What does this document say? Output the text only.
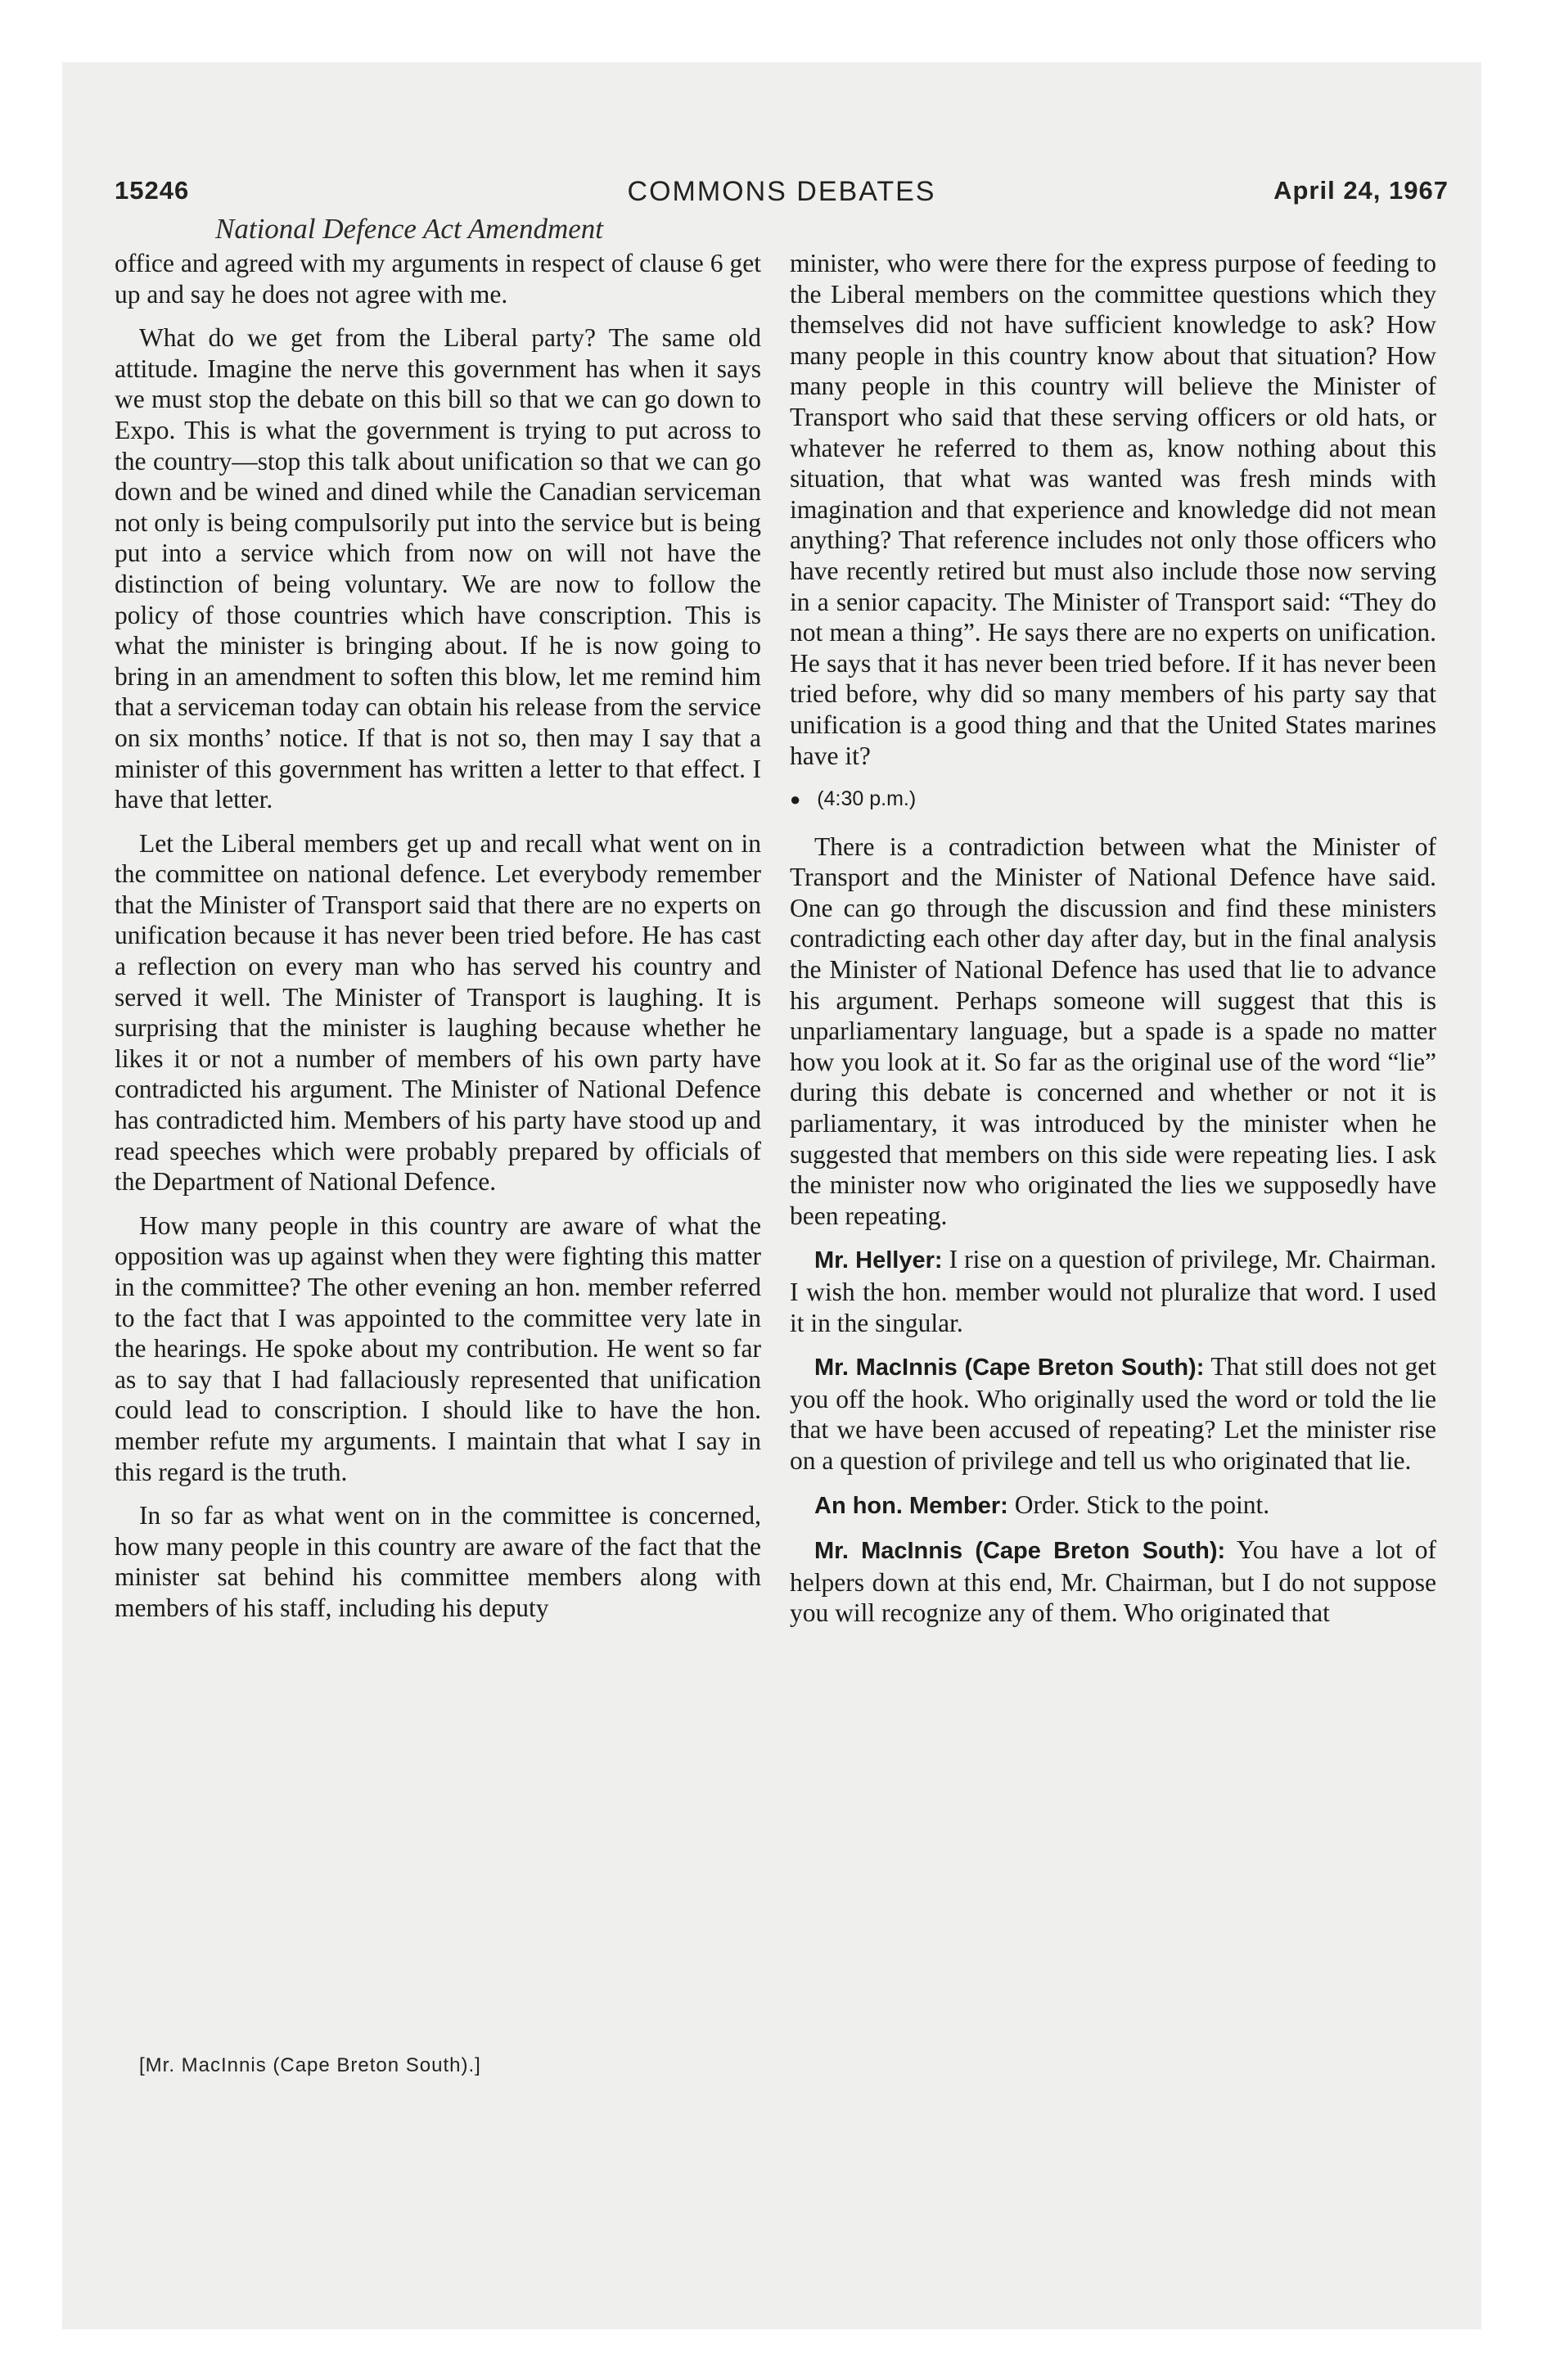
15246	COMMONS DEBATES	April 24, 1967
National Defence Act Amendment

office and agreed with my arguments in respect of clause 6 get up and say he does not agree with me.

What do we get from the Liberal party? The same old attitude. Imagine the nerve this government has when it says we must stop the debate on this bill so that we can go down to Expo. This is what the government is trying to put across to the country—stop this talk about unification so that we can go down and be wined and dined while the Canadian serviceman not only is being compulsorily put into the service but is being put into a service which from now on will not have the distinction of being voluntary. We are now to follow the policy of those countries which have conscription. This is what the minister is bringing about. If he is now going to bring in an amendment to soften this blow, let me remind him that a serviceman today can obtain his release from the service on six months’ notice. If that is not so, then may I say that a minister of this government has written a letter to that effect. I have that letter.

Let the Liberal members get up and recall what went on in the committee on national defence. Let everybody remember that the Minister of Transport said that there are no experts on unification because it has never been tried before. He has cast a reflection on every man who has served his country and served it well. The Minister of Transport is laughing. It is surprising that the minister is laughing because whether he likes it or not a number of members of his own party have contradicted his argument. The Minister of National Defence has contradicted him. Members of his party have stood up and read speeches which were probably prepared by officials of the Department of National Defence.

How many people in this country are aware of what the opposition was up against when they were fighting this matter in the committee? The other evening an hon. member referred to the fact that I was appointed to the committee very late in the hearings. He spoke about my contribution. He went so far as to say that I had fallaciously represented that unification could lead to conscription. I should like to have the hon. member refute my arguments. I maintain that what I say in this regard is the truth.

In so far as what went on in the committee is concerned, how many people in this country are aware of the fact that the minister sat behind his committee members along with members of his staff, including his deputy

[Mr. MacInnis (Cape Breton South).]

minister, who were there for the express purpose of feeding to the Liberal members on the committee questions which they themselves did not have sufficient knowledge to ask? How many people in this country know about that situation? How many people in this country will believe the Minister of Transport who said that these serving officers or old hats, or whatever he referred to them as, know nothing about this situation, that what was wanted was fresh minds with imagination and that experience and knowledge did not mean anything? That reference includes not only those officers who have recently retired but must also include those now serving in a senior capacity. The Minister of Transport said: “They do not mean a thing”. He says there are no experts on unification. He says that it has never been tried before. If it has never been tried before, why did so many members of his party say that unification is a good thing and that the United States marines have it?

● (4:30 p.m.)

There is a contradiction between what the Minister of Transport and the Minister of National Defence have said. One can go through the discussion and find these ministers contradicting each other day after day, but in the final analysis the Minister of National Defence has used that lie to advance his argument. Perhaps someone will suggest that this is unparliamentary language, but a spade is a spade no matter how you look at it. So far as the original use of the word “lie” during this debate is concerned and whether or not it is parliamentary, it was introduced by the minister when he suggested that members on this side were repeating lies. I ask the minister now who originated the lies we supposedly have been repeating.

Mr. Hellyer: I rise on a question of privilege, Mr. Chairman. I wish the hon. member would not pluralize that word. I used it in the singular.

Mr. MacInnis (Cape Breton South): That still does not get you off the hook. Who originally used the word or told the lie that we have been accused of repeating? Let the minister rise on a question of privilege and tell us who originated that lie.

An hon. Member: Order. Stick to the point.

Mr. MacInnis (Cape Breton South): You have a lot of helpers down at this end, Mr. Chairman, but I do not suppose you will recognize any of them. Who originated that
